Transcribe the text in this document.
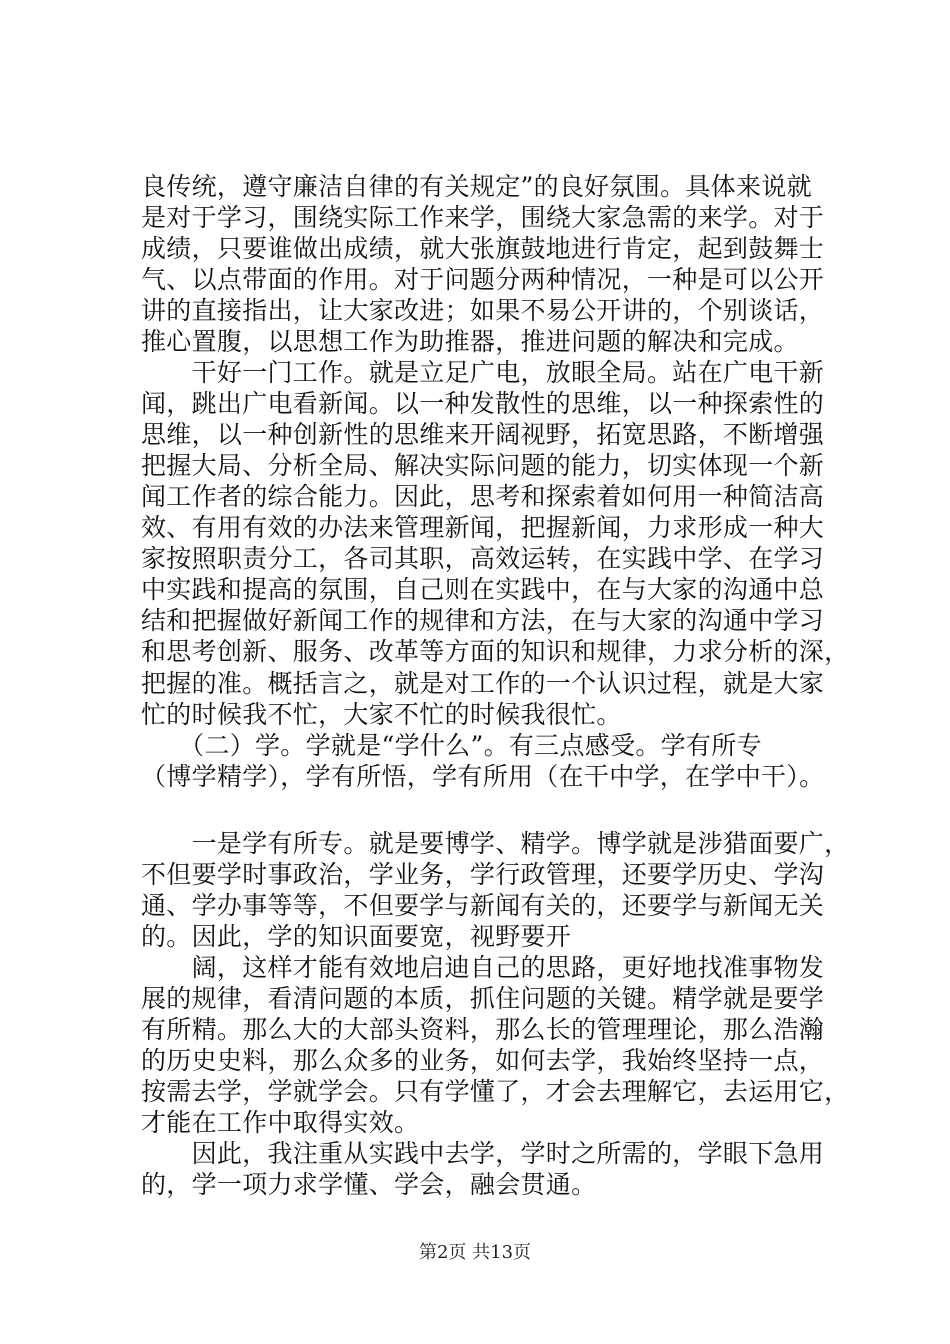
良传统，遵守廉洁自律的有关规定”的良好氛围。具体来说就
是对于学习，围绕实际工作来学，围绕大家急需的来学。对于
成绩，只要谁做出成绩，就大张旗鼓地进行肯定，起到鼓舞士
气、以点带面的作用。对于问题分两种情况，一种是可以公开
讲的直接指出，让大家改进；如果不易公开讲的，个别谈话，
推心置腹，以思想工作为助推器，推进问题的解决和完成。
　　干好一门工作。就是立足广电，放眼全局。站在广电干新
闻，跳出广电看新闻。以一种发散性的思维，以一种探索性的
思维，以一种创新性的思维来开阔视野，拓宽思路，不断增强
把握大局、分析全局、解决实际问题的能力，切实体现一个新
闻工作者的综合能力。因此，思考和探索着如何用一种简洁高
效、有用有效的办法来管理新闻，把握新闻，力求形成一种大
家按照职责分工，各司其职，高效运转，在实践中学、在学习
中实践和提高的氛围，自己则在实践中，在与大家的沟通中总
结和把握做好新闻工作的规律和方法，在与大家的沟通中学习
和思考创新、服务、改革等方面的知识和规律，力求分析的深，
把握的准。概括言之，就是对工作的一个认识过程，就是大家
忙的时候我不忙，大家不忙的时候我很忙。
　　（二）学。学就是“学什么”。有三点感受。学有所专
（博学精学），学有所悟，学有所用（在干中学，在学中干）。
　　一是学有所专。就是要博学、精学。博学就是涉猎面要广，
不但要学时事政治，学业务，学行政管理，还要学历史、学沟
通、学办事等等，不但要学与新闻有关的，还要学与新闻无关
的。因此，学的知识面要宽，视野要开
　　阔，这样才能有效地启迪自己的思路，更好地找准事物发
展的规律，看清问题的本质，抓住问题的关键。精学就是要学
有所精。那么大的大部头资料，那么长的管理理论，那么浩瀚
的历史史料，那么众多的业务，如何去学，我始终坚持一点，
按需去学，学就学会。只有学懂了，才会去理解它，去运用它，
才能在工作中取得实效。
　　因此，我注重从实践中去学，学时之所需的，学眼下急用
的，学一项力求学懂、学会，融会贯通。
第2页 共13页
